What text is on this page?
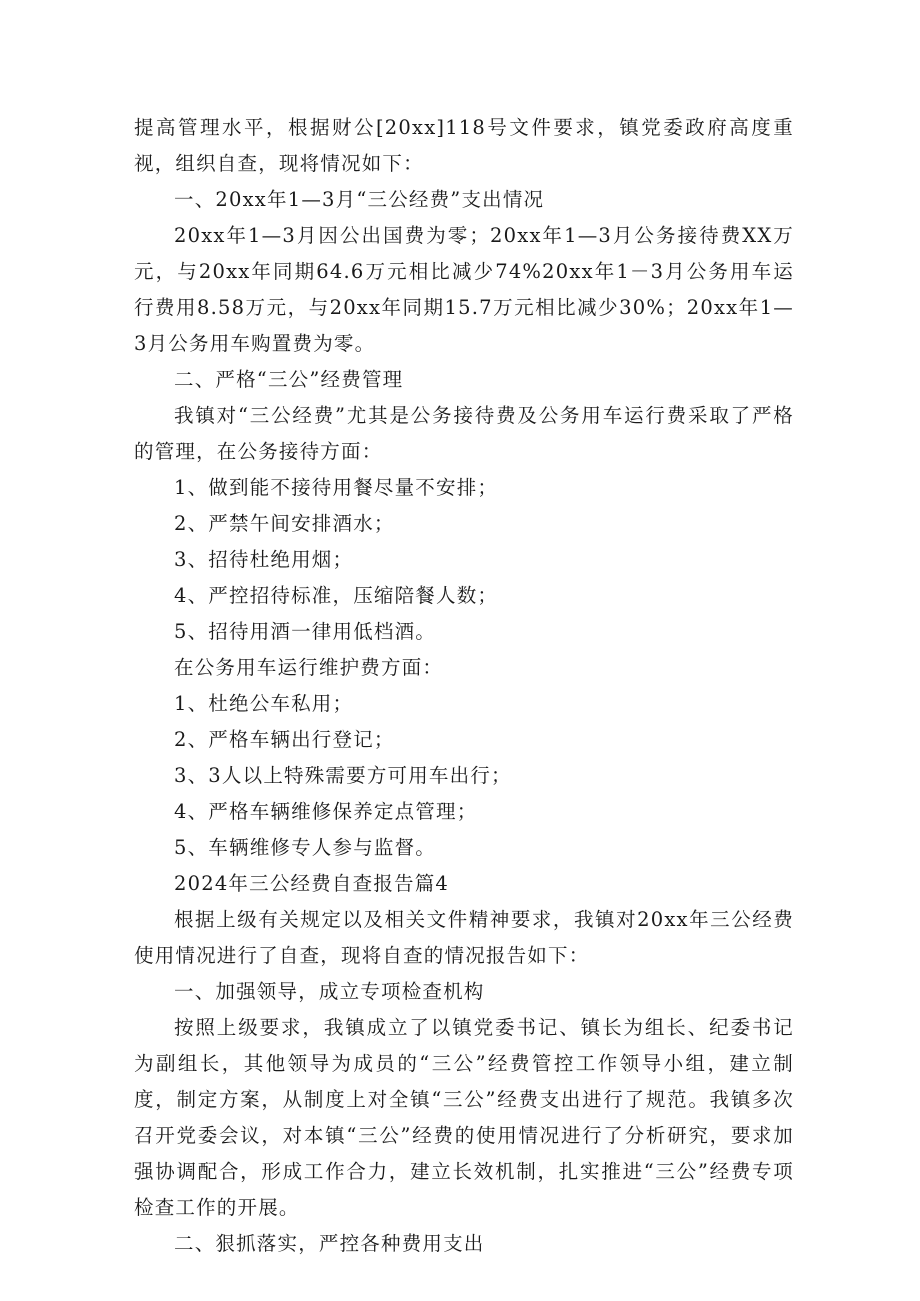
提高管理水平，根据财公[20xx]118号文件要求，镇党委政府高度重视，组织自查，现将情况如下：

一、20xx年1—3月“三公经费”支出情况

20xx年1—3月因公出国费为零；20xx年1—3月公务接待费XX万元，与20xx年同期64.6万元相比减少74%20xx年1－3月公务用车运行费用8.58万元，与20xx年同期15.7万元相比减少30%；20xx年1—3月公务用车购置费为零。

二、严格“三公”经费管理

我镇对“三公经费”尤其是公务接待费及公务用车运行费采取了严格的管理，在公务接待方面：

1、做到能不接待用餐尽量不安排；

2、严禁午间安排酒水；

3、招待杜绝用烟；

4、严控招待标准，压缩陪餐人数；

5、招待用酒一律用低档酒。

在公务用车运行维护费方面：

1、杜绝公车私用；

2、严格车辆出行登记；

3、3人以上特殊需要方可用车出行；

4、严格车辆维修保养定点管理；

5、车辆维修专人参与监督。

2024年三公经费自查报告篇4

根据上级有关规定以及相关文件精神要求，我镇对20xx年三公经费使用情况进行了自查，现将自查的情况报告如下：

一、加强领导，成立专项检查机构

按照上级要求，我镇成立了以镇党委书记、镇长为组长、纪委书记为副组长，其他领导为成员的“三公”经费管控工作领导小组，建立制度，制定方案，从制度上对全镇“三公”经费支出进行了规范。我镇多次召开党委会议，对本镇“三公”经费的使用情况进行了分析研究，要求加强协调配合，形成工作合力，建立长效机制，扎实推进“三公”经费专项检查工作的开展。

二、狠抓落实，严控各种费用支出
